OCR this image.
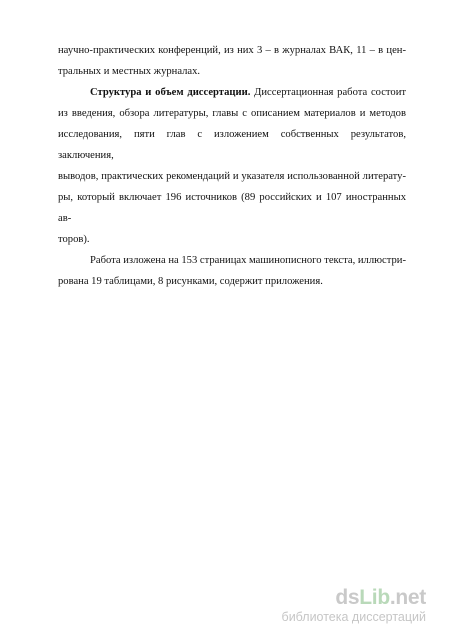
научно-практических конференций, из них 3 – в журналах ВАК, 11 – в цен-
тральных и местных журналах.
Структура и объем диссертации. Диссертационная работа состоит
из введения, обзора литературы, главы с описанием материалов и методов
исследования, пяти глав с изложением собственных результатов, заключения,
выводов, практических рекомендаций и указателя использованной литерату-
ры, который включает 196 источников (89 российских и 107 иностранных ав-
торов).
Работа изложена на 153 страницах машинописного текста, иллюстри-
рована 19 таблицами, 8 рисунками, содержит приложения.
dsLib.net
библиотека диссертаций
